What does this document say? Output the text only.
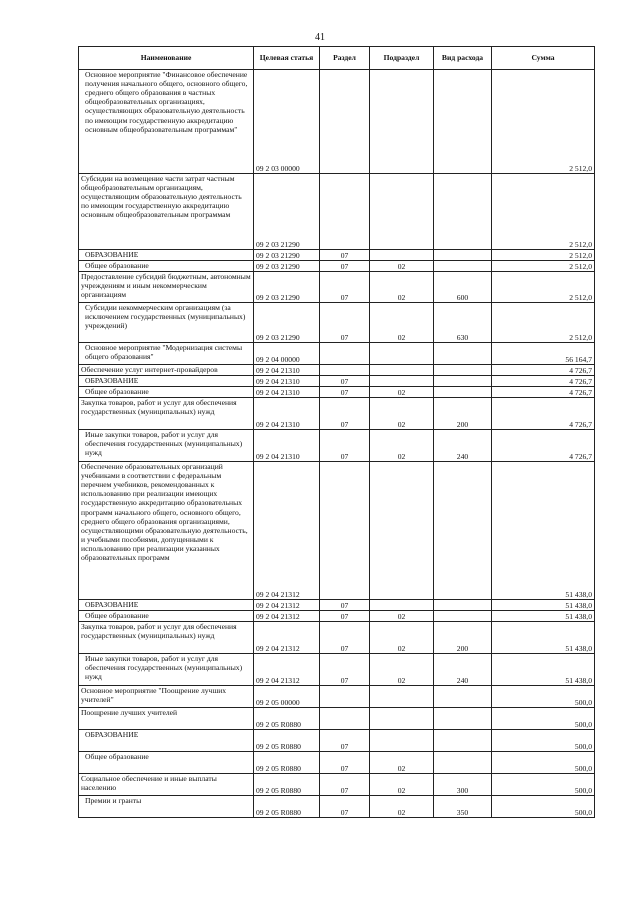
41
Наименование	Целевая статья	Раздел	Подраздел	Вид расхода	Сумма
Основное мероприятие "Финансовое обеспечение получения начального общего, основного общего, среднего общего образования в частных общеобразовательных организациях, осуществляющих образовательную деятельность по имеющим государственную аккредитацию основным общеобразовательным программам"	09 2 03 00000				2 512,0
Субсидии на возмещение части затрат частным общеобразовательным организациям, осуществляющим образовательную деятельность по имеющим государственную аккредитацию основным общеобразовательным программам	09 2 03 21290				2 512,0
ОБРАЗОВАНИЕ	09 2 03 21290	07			2 512,0
Общее образование	09 2 03 21290	07	02		2 512,0
Предоставление субсидий бюджетным, автономным учреждениям и иным некоммерческим организациям	09 2 03 21290	07	02	600	2 512,0
Субсидии некоммерческим организациям (за исключением государственных (муниципальных) учреждений)	09 2 03 21290	07	02	630	2 512,0
Основное мероприятие "Модернизация системы общего образования"	09 2 04 00000				56 164,7
Обеспечение услуг интернет-провайдеров	09 2 04 21310				4 726,7
ОБРАЗОВАНИЕ	09 2 04 21310	07			4 726,7
Общее образование	09 2 04 21310	07	02		4 726,7
Закупка товаров, работ и услуг для обеспечения государственных (муниципальных) нужд	09 2 04 21310	07	02	200	4 726,7
Иные закупки товаров, работ и услуг для обеспечения государственных (муниципальных) нужд	09 2 04 21310	07	02	240	4 726,7
Обеспечение образовательных организаций учебниками в соответствии с федеральным перечнем учебников, рекомендованных к использованию при реализации имеющих государственную аккредитацию образовательных программ начального общего, основного общего, среднего общего образования организациями, осуществляющими образовательную деятельность, и учебными пособиями, допущенными к использованию при реализации указанных образовательных программ	09 2 04 21312				51 438,0
ОБРАЗОВАНИЕ	09 2 04 21312	07			51 438,0
Общее образование	09 2 04 21312	07	02		51 438,0
Закупка товаров, работ и услуг для обеспечения государственных (муниципальных) нужд	09 2 04 21312	07	02	200	51 438,0
Иные закупки товаров, работ и услуг для обеспечения государственных (муниципальных) нужд	09 2 04 21312	07	02	240	51 438,0
Основное мероприятие "Поощрение лучших учителей"	09 2 05 00000				500,0
Поощрение лучших учителей	09 2 05 R0880				500,0
ОБРАЗОВАНИЕ	09 2 05 R0880	07			500,0
Общее образование	09 2 05 R0880	07	02		500,0
Социальное обеспечение и иные выплаты населению	09 2 05 R0880	07	02	300	500,0
Премии и гранты	09 2 05 R0880	07	02	350	500,0
